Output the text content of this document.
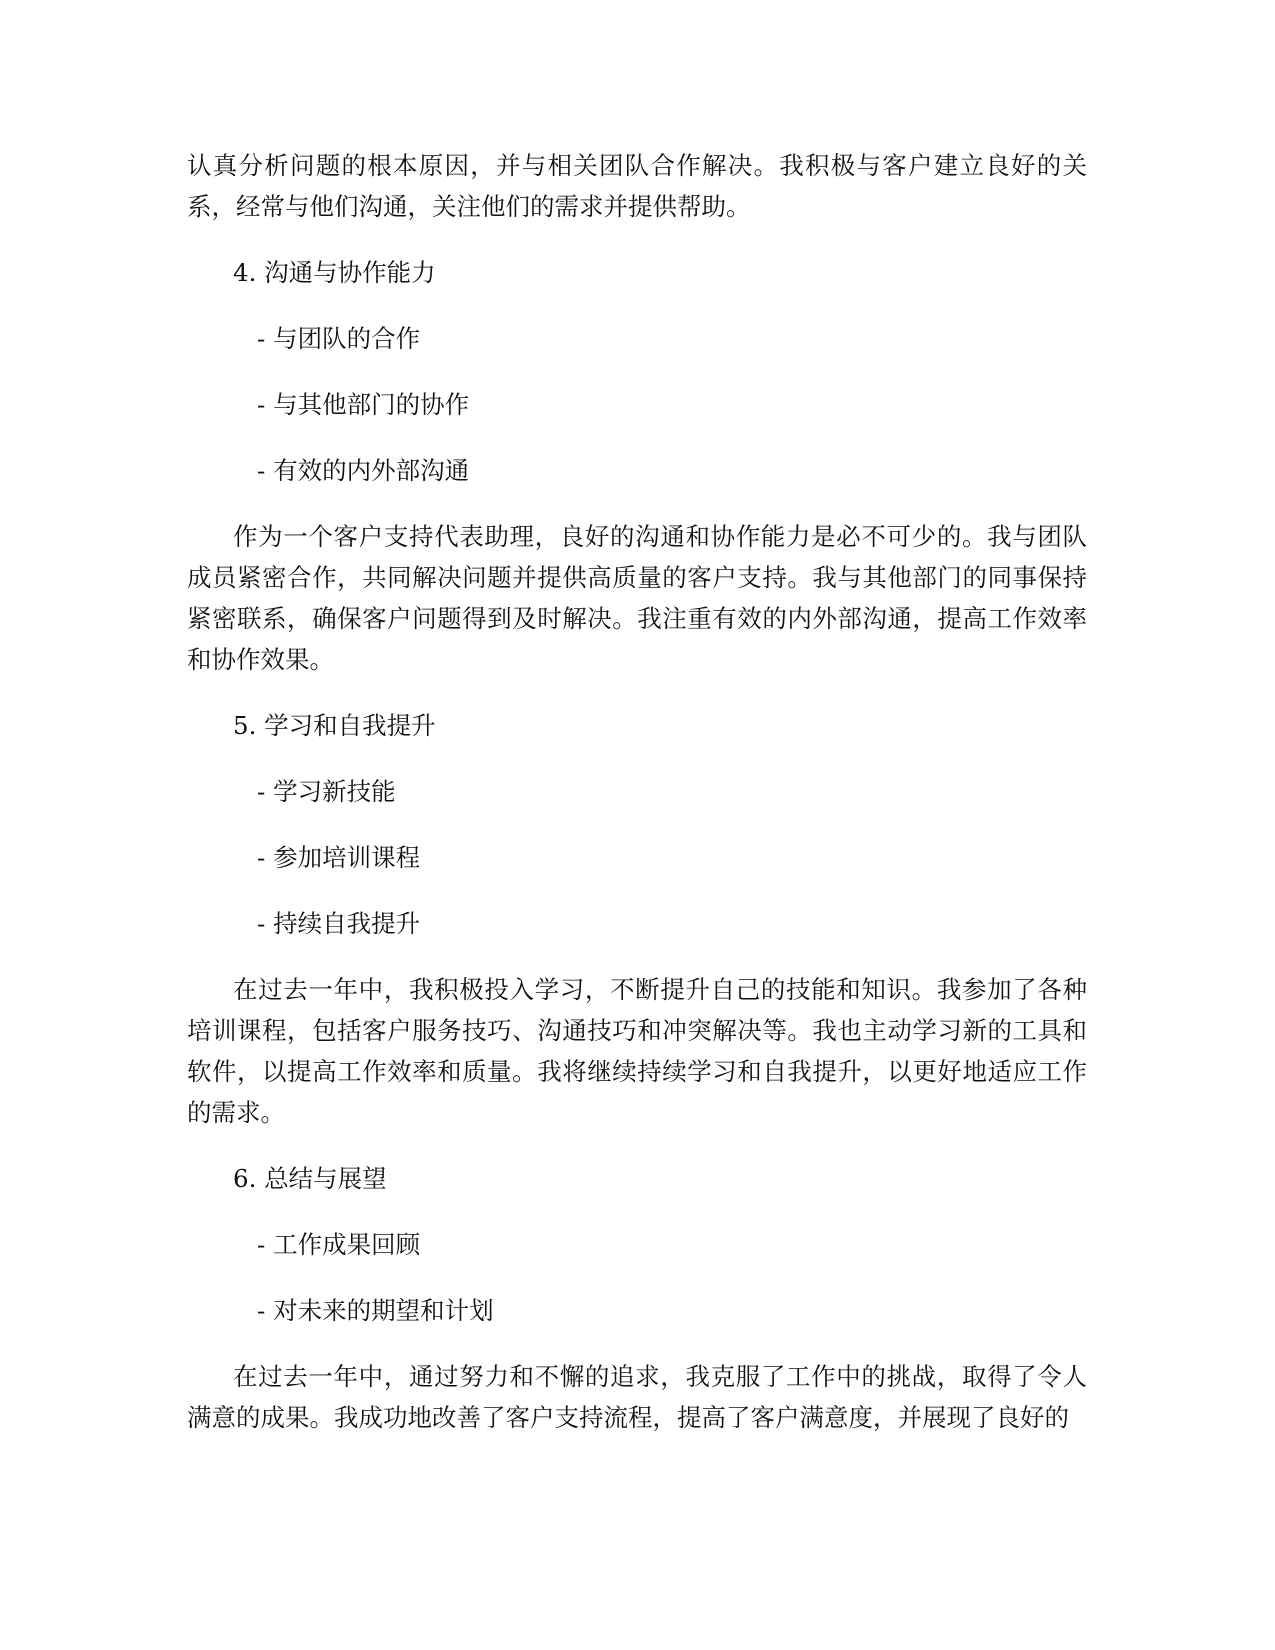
认真分析问题的根本原因，并与相关团队合作解决。我积极与客户建立良好的关系，经常与他们沟通，关注他们的需求并提供帮助。

4. 沟通与协作能力

- 与团队的合作

- 与其他部门的协作

- 有效的内外部沟通

作为一个客户支持代表助理，良好的沟通和协作能力是必不可少的。我与团队成员紧密合作，共同解决问题并提供高质量的客户支持。我与其他部门的同事保持紧密联系，确保客户问题得到及时解决。我注重有效的内外部沟通，提高工作效率和协作效果。

5. 学习和自我提升

- 学习新技能

- 参加培训课程

- 持续自我提升

在过去一年中，我积极投入学习，不断提升自己的技能和知识。我参加了各种培训课程，包括客户服务技巧、沟通技巧和冲突解决等。我也主动学习新的工具和软件，以提高工作效率和质量。我将继续持续学习和自我提升，以更好地适应工作的需求。

6. 总结与展望

- 工作成果回顾

- 对未来的期望和计划

在过去一年中，通过努力和不懈的追求，我克服了工作中的挑战，取得了令人满意的成果。我成功地改善了客户支持流程，提高了客户满意度，并展现了良好的
